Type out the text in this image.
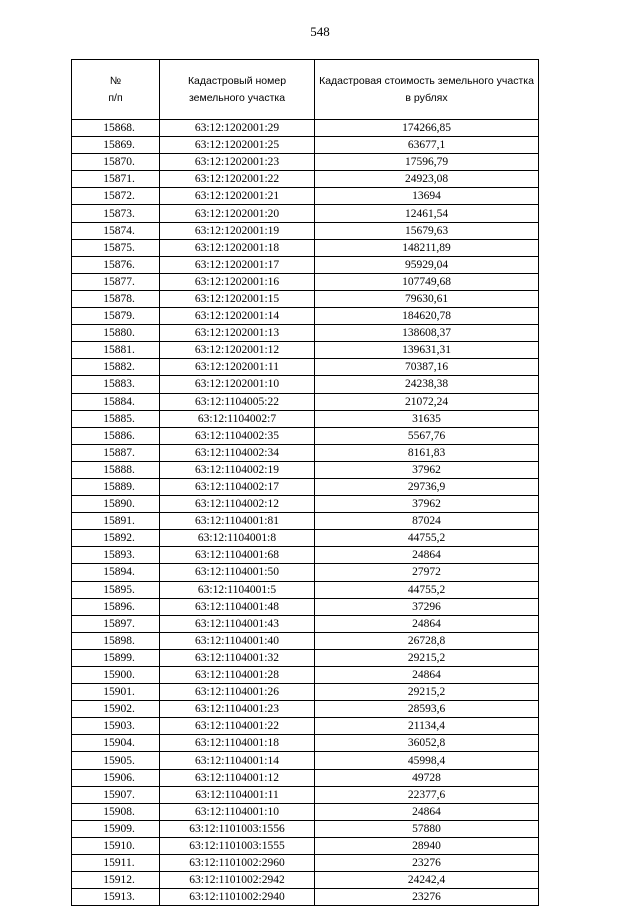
548
№
п/п	Кадастровый номер земельного участка	Кадастровая стоимость земельного участка в рублях
15868.	63:12:1202001:29	174266,85
15869.	63:12:1202001:25	63677,1
15870.	63:12:1202001:23	17596,79
15871.	63:12:1202001:22	24923,08
15872.	63:12:1202001:21	13694
15873.	63:12:1202001:20	12461,54
15874.	63:12:1202001:19	15679,63
15875.	63:12:1202001:18	148211,89
15876.	63:12:1202001:17	95929,04
15877.	63:12:1202001:16	107749,68
15878.	63:12:1202001:15	79630,61
15879.	63:12:1202001:14	184620,78
15880.	63:12:1202001:13	138608,37
15881.	63:12:1202001:12	139631,31
15882.	63:12:1202001:11	70387,16
15883.	63:12:1202001:10	24238,38
15884.	63:12:1104005:22	21072,24
15885.	63:12:1104002:7	31635
15886.	63:12:1104002:35	5567,76
15887.	63:12:1104002:34	8161,83
15888.	63:12:1104002:19	37962
15889.	63:12:1104002:17	29736,9
15890.	63:12:1104002:12	37962
15891.	63:12:1104001:81	87024
15892.	63:12:1104001:8	44755,2
15893.	63:12:1104001:68	24864
15894.	63:12:1104001:50	27972
15895.	63:12:1104001:5	44755,2
15896.	63:12:1104001:48	37296
15897.	63:12:1104001:43	24864
15898.	63:12:1104001:40	26728,8
15899.	63:12:1104001:32	29215,2
15900.	63:12:1104001:28	24864
15901.	63:12:1104001:26	29215,2
15902.	63:12:1104001:23	28593,6
15903.	63:12:1104001:22	21134,4
15904.	63:12:1104001:18	36052,8
15905.	63:12:1104001:14	45998,4
15906.	63:12:1104001:12	49728
15907.	63:12:1104001:11	22377,6
15908.	63:12:1104001:10	24864
15909.	63:12:1101003:1556	57880
15910.	63:12:1101003:1555	28940
15911.	63:12:1101002:2960	23276
15912.	63:12:1101002:2942	24242,4
15913.	63:12:1101002:2940	23276
